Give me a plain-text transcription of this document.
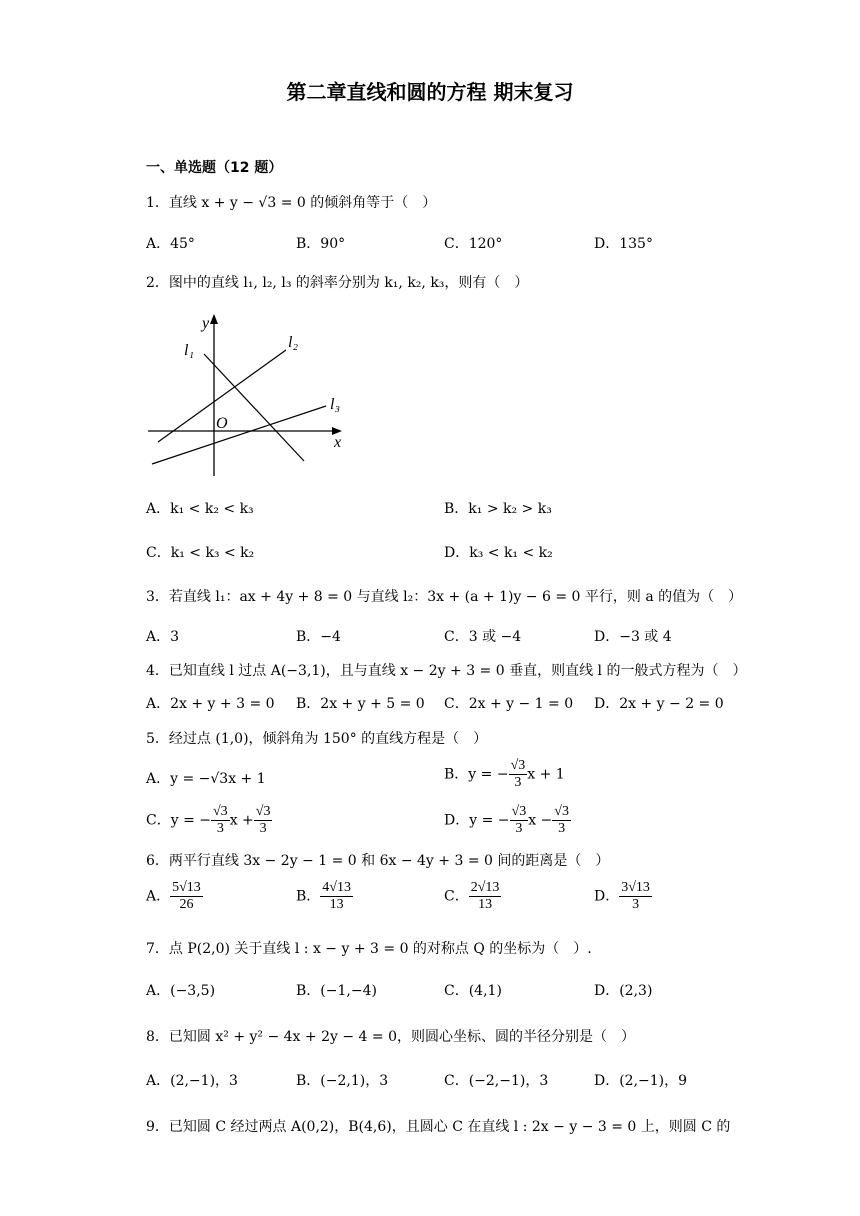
第二章直线和圆的方程 期末复习
一、单选题（12 题）
1．直线 x + y − √3 = 0 的倾斜角等于（　）
A．45°	B．90°	C．120°	D．135°
2．图中的直线 l₁, l₂, l₃ 的斜率分别为 k₁, k₂, k₃，则有（　）
l₁	l₂
l₃
y
x
O
A．k₁ < k₂ < k₃	B．k₁ > k₂ > k₃
C．k₁ < k₃ < k₂	D．k₃ < k₁ < k₂
3．若直线 l₁：ax + 4y + 8 = 0 与直线 l₂：3x + (a + 1)y − 6 = 0 平行，则 a 的值为（　）
A．3	B．−4	C．3 或 −4	D．−3 或 4
4．已知直线 l 过点 A(−3,1)，且与直线 x − 2y + 3 = 0 垂直，则直线 l 的一般式方程为（　）
A．2x + y + 3 = 0 B．2x + y + 5 = 0 C．2x + y − 1 = 0 D．2x + y − 2 = 0
5．经过点 (1,0)，倾斜角为 150° 的直线方程是（　）
A．y = −√3x + 1	B．y = − $\frac{√3}{3}$ x + 1
C．y = − $\frac{√3}{3}$ $x + \frac{√3}{3}$	D．y = − $\frac{√3}{3}$ $x - \frac{√3}{3}$
6．两平行直线 3x − 2y − 1 = 0 和 6x − 4y + 3 = 0 间的距离是（　）
A． $\frac{5√13}{26}$	B． $\frac{4√13}{13}$	C． $\frac{2√13}{13}$	D． $\frac{3√13}{3}$
7．点 P(2,0) 关于直线 l : x − y + 3 = 0 的对称点 Q 的坐标为（　）.
A．(−3,5)	B．(−1,−4)	C．(4,1)	D．(2,3)
8．已知圆 x² + y² − 4x + 2y − 4 = 0，则圆心坐标、圆的半径分别是（　）
A．(2,−1)，3	B．(−2,1)，3	C．(−2,−1)，3	D．(2,−1)，9
9．已知圆 C 经过两点 A(0,2)，B(4,6)，且圆心 C 在直线 l : 2x − y − 3 = 0 上，则圆 C 的
